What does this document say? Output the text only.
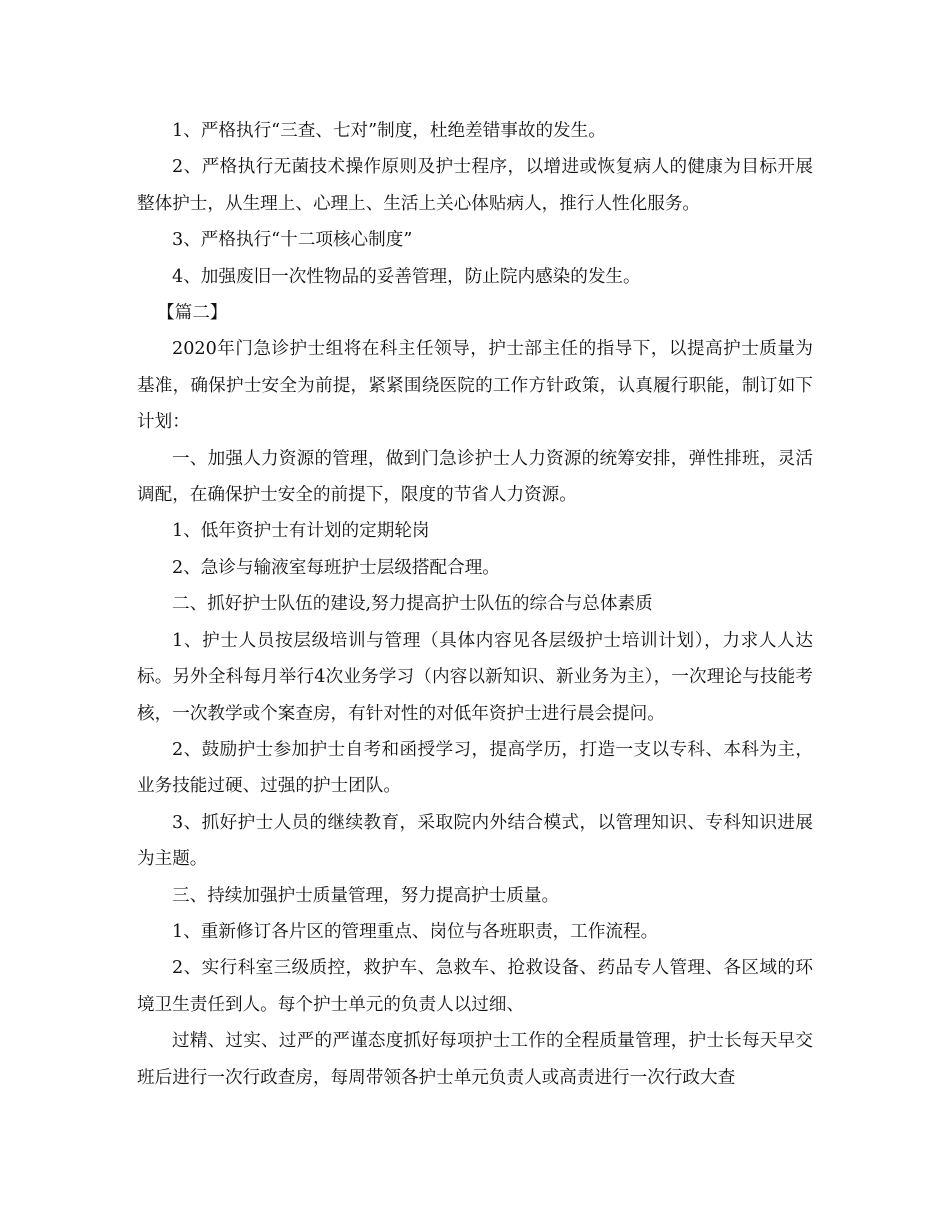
1、严格执行“三查、七对”制度，杜绝差错事故的发生。

2、严格执行无菌技术操作原则及护士程序，以增进或恢复病人的健康为目标开展整体护士，从生理上、心理上、生活上关心体贴病人，推行人性化服务。

3、严格执行“十二项核心制度”

4、加强废旧一次性物品的妥善管理，防止院内感染的发生。

【篇二】

2020年门急诊护士组将在科主任领导，护士部主任的指导下，以提高护士质量为基准，确保护士安全为前提，紧紧围绕医院的工作方针政策，认真履行职能，制订如下计划：

一、加强人力资源的管理，做到门急诊护士人力资源的统筹安排，弹性排班，灵活调配，在确保护士安全的前提下，限度的节省人力资源。

1、低年资护士有计划的定期轮岗

2、急诊与输液室每班护士层级搭配合理。

二、抓好护士队伍的建设,努力提高护士队伍的综合与总体素质

1、护士人员按层级培训与管理（具体内容见各层级护士培训计划），力求人人达标。另外全科每月举行4次业务学习（内容以新知识、新业务为主），一次理论与技能考核，一次教学或个案查房，有针对性的对低年资护士进行晨会提问。

2、鼓励护士参加护士自考和函授学习，提高学历，打造一支以专科、本科为主，业务技能过硬、过强的护士团队。

3、抓好护士人员的继续教育，采取院内外结合模式，以管理知识、专科知识进展为主题。

三、持续加强护士质量管理，努力提高护士质量。

1、重新修订各片区的管理重点、岗位与各班职责，工作流程。

2、实行科室三级质控，救护车、急救车、抢救设备、药品专人管理、各区域的环境卫生责任到人。每个护士单元的负责人以过细、

过精、过实、过严的严谨态度抓好每项护士工作的全程质量管理，护士长每天早交班后进行一次行政查房，每周带领各护士单元负责人或高责进行一次行政大查
